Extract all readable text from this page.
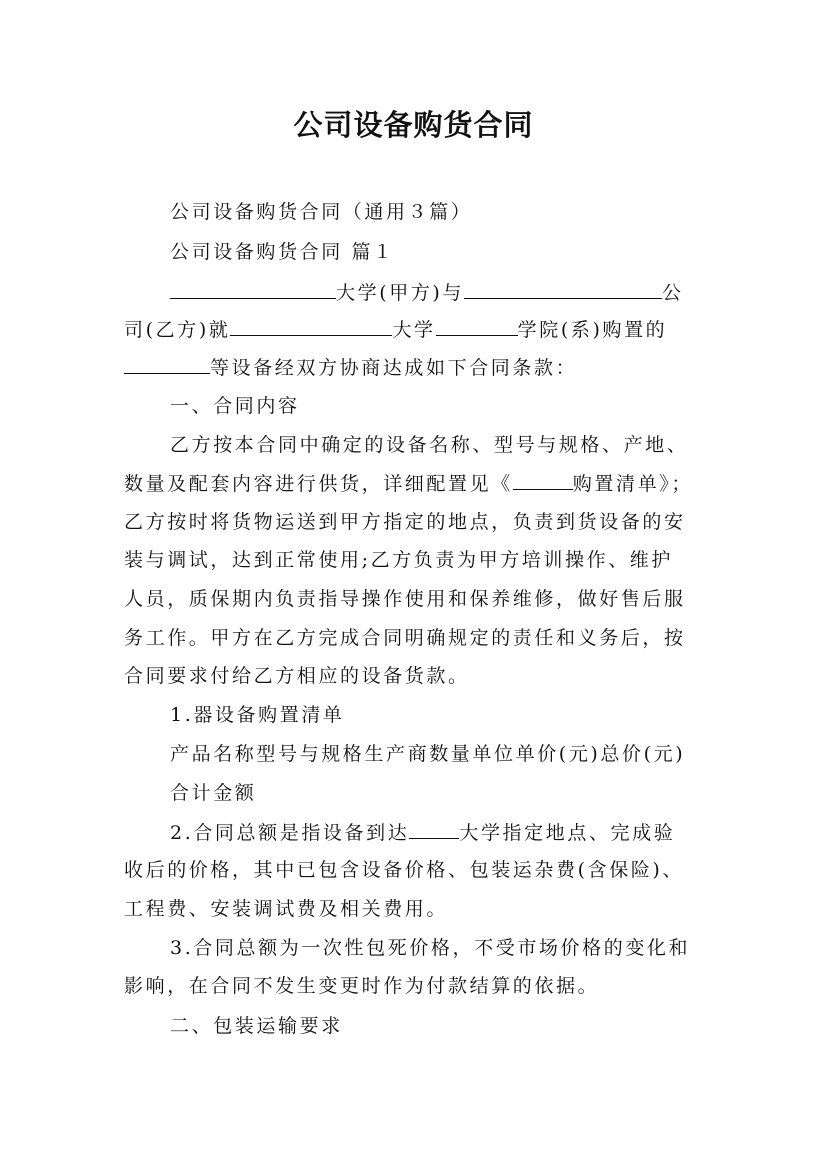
公司设备购货合同
公司设备购货合同（通用３篇）
公司设备购货合同 篇１
大学(甲方)与	公
司(乙方)就	大学	学院(系)购置的
等设备经双方协商达成如下合同条款：
一、合同内容
乙方按本合同中确定的设备名称、型号与规格、产地、
数量及配套内容进行供货，详细配置见《	购置清单》；
乙方按时将货物运送到甲方指定的地点，负责到货设备的安
装与调试，达到正常使用;乙方负责为甲方培训操作、维护
人员，质保期内负责指导操作使用和保养维修，做好售后服
务工作。甲方在乙方完成合同明确规定的责任和义务后，按
合同要求付给乙方相应的设备货款。
1.器设备购置清单
产品名称型号与规格生产商数量单位单价(元)总价(元)
合计金额
2.合同总额是指设备到达	大学指定地点、完成验
收后的价格，其中已包含设备价格、包装运杂费(含保险)、
工程费、安装调试费及相关费用。
3.合同总额为一次性包死价格，不受市场价格的变化和
影响，在合同不发生变更时作为付款结算的依据。
二、包装运输要求
